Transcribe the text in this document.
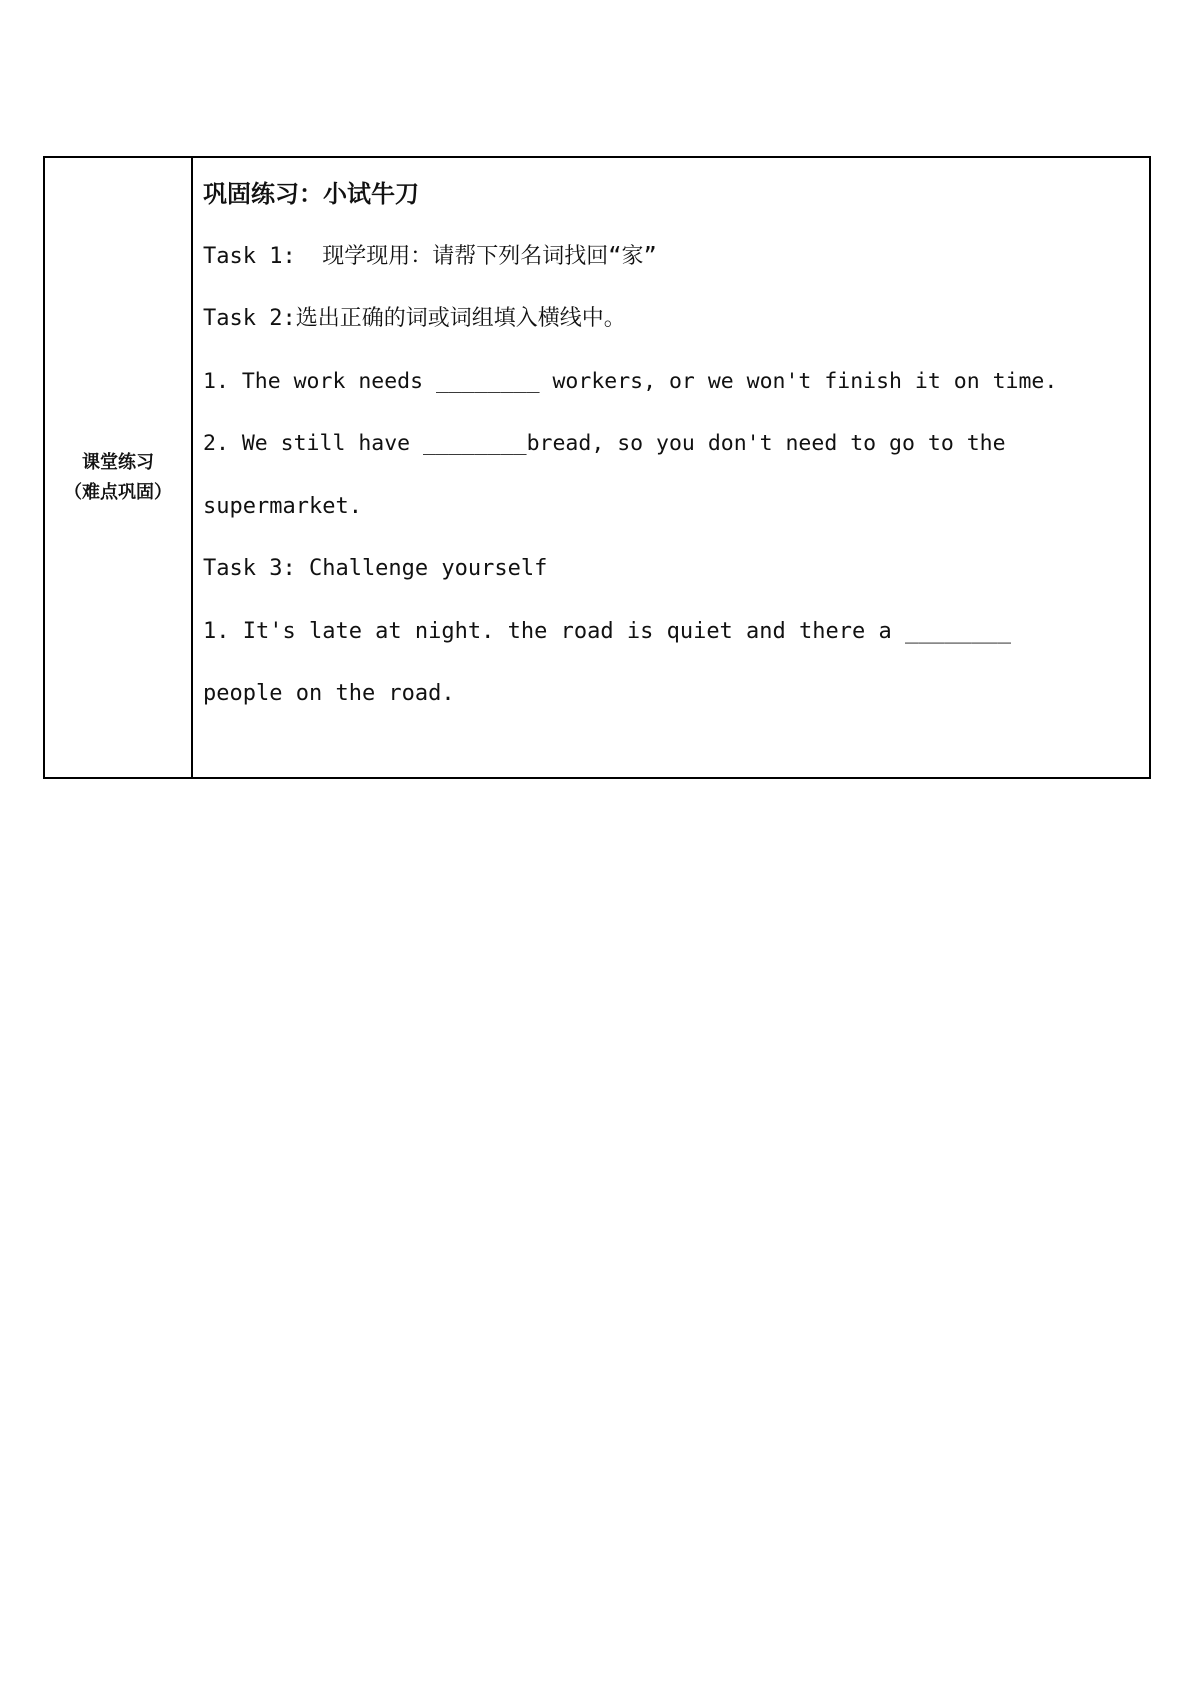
课堂练习
（难点巩固）
巩固练习：小试牛刀
Task 1:  现学现用：请帮下列名词找回“家”
Task 2:选出正确的词或词组填入横线中。
1. The work needs ________ workers, or we won't finish it on time.
2. We still have ________bread, so you don't need to go to the
supermarket.
Task 3: Challenge yourself
1. It's late at night. the road is quiet and there a ________
people on the road.
